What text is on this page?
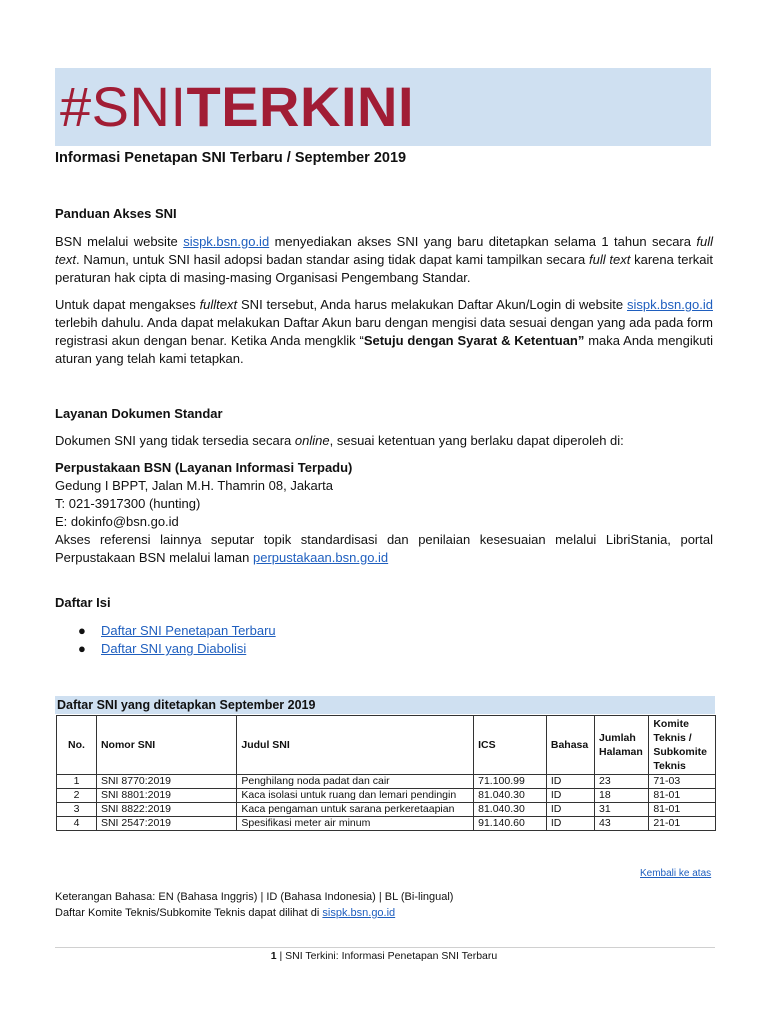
#SNITERKINI
Informasi Penetapan SNI Terbaru / September 2019
Panduan Akses SNI
BSN melalui website sispk.bsn.go.id menyediakan akses SNI yang baru ditetapkan selama 1 tahun secara full text. Namun, untuk SNI hasil adopsi badan standar asing tidak dapat kami tampilkan secara full text karena terkait peraturan hak cipta di masing-masing Organisasi Pengembang Standar.
Untuk dapat mengakses fulltext SNI tersebut, Anda harus melakukan Daftar Akun/Login di website sispk.bsn.go.id terlebih dahulu. Anda dapat melakukan Daftar Akun baru dengan mengisi data sesuai dengan yang ada pada form registrasi akun dengan benar. Ketika Anda mengklik “Setuju dengan Syarat & Ketentuan” maka Anda mengikuti aturan yang telah kami tetapkan.
Layanan Dokumen Standar
Dokumen SNI yang tidak tersedia secara online, sesuai ketentuan yang berlaku dapat diperoleh di:
Perpustakaan BSN (Layanan Informasi Terpadu)
Gedung I BPPT, Jalan M.H. Thamrin 08, Jakarta
T: 021-3917300 (hunting)
E: dokinfo@bsn.go.id
Akses referensi lainnya seputar topik standardisasi dan penilaian kesesuaian melalui LibriStania, portal Perpustakaan BSN melalui laman perpustakaan.bsn.go.id
Daftar Isi
● Daftar SNI Penetapan Terbaru
● Daftar SNI yang Diabolisi
Daftar SNI yang ditetapkan September 2019
No.	Nomor SNI	Judul SNI	ICS	Bahasa	Jumlah Halaman	Komite Teknis / Subkomite Teknis
1	SNI 8770:2019	Penghilang noda padat dan cair	71.100.99	ID	23	71-03
2	SNI 8801:2019	Kaca isolasi untuk ruang dan lemari pendingin	81.040.30	ID	18	81-01
3	SNI 8822:2019	Kaca pengaman untuk sarana perkeretaapian	81.040.30	ID	31	81-01
4	SNI 2547:2019	Spesifikasi meter air minum	91.140.60	ID	43	21-01
Kembali ke atas
Keterangan Bahasa: EN (Bahasa Inggris) | ID (Bahasa Indonesia) | BL (Bi-lingual)
Daftar Komite Teknis/Subkomite Teknis dapat dilihat di sispk.bsn.go.id
1 | SNI Terkini: Informasi Penetapan SNI Terbaru
